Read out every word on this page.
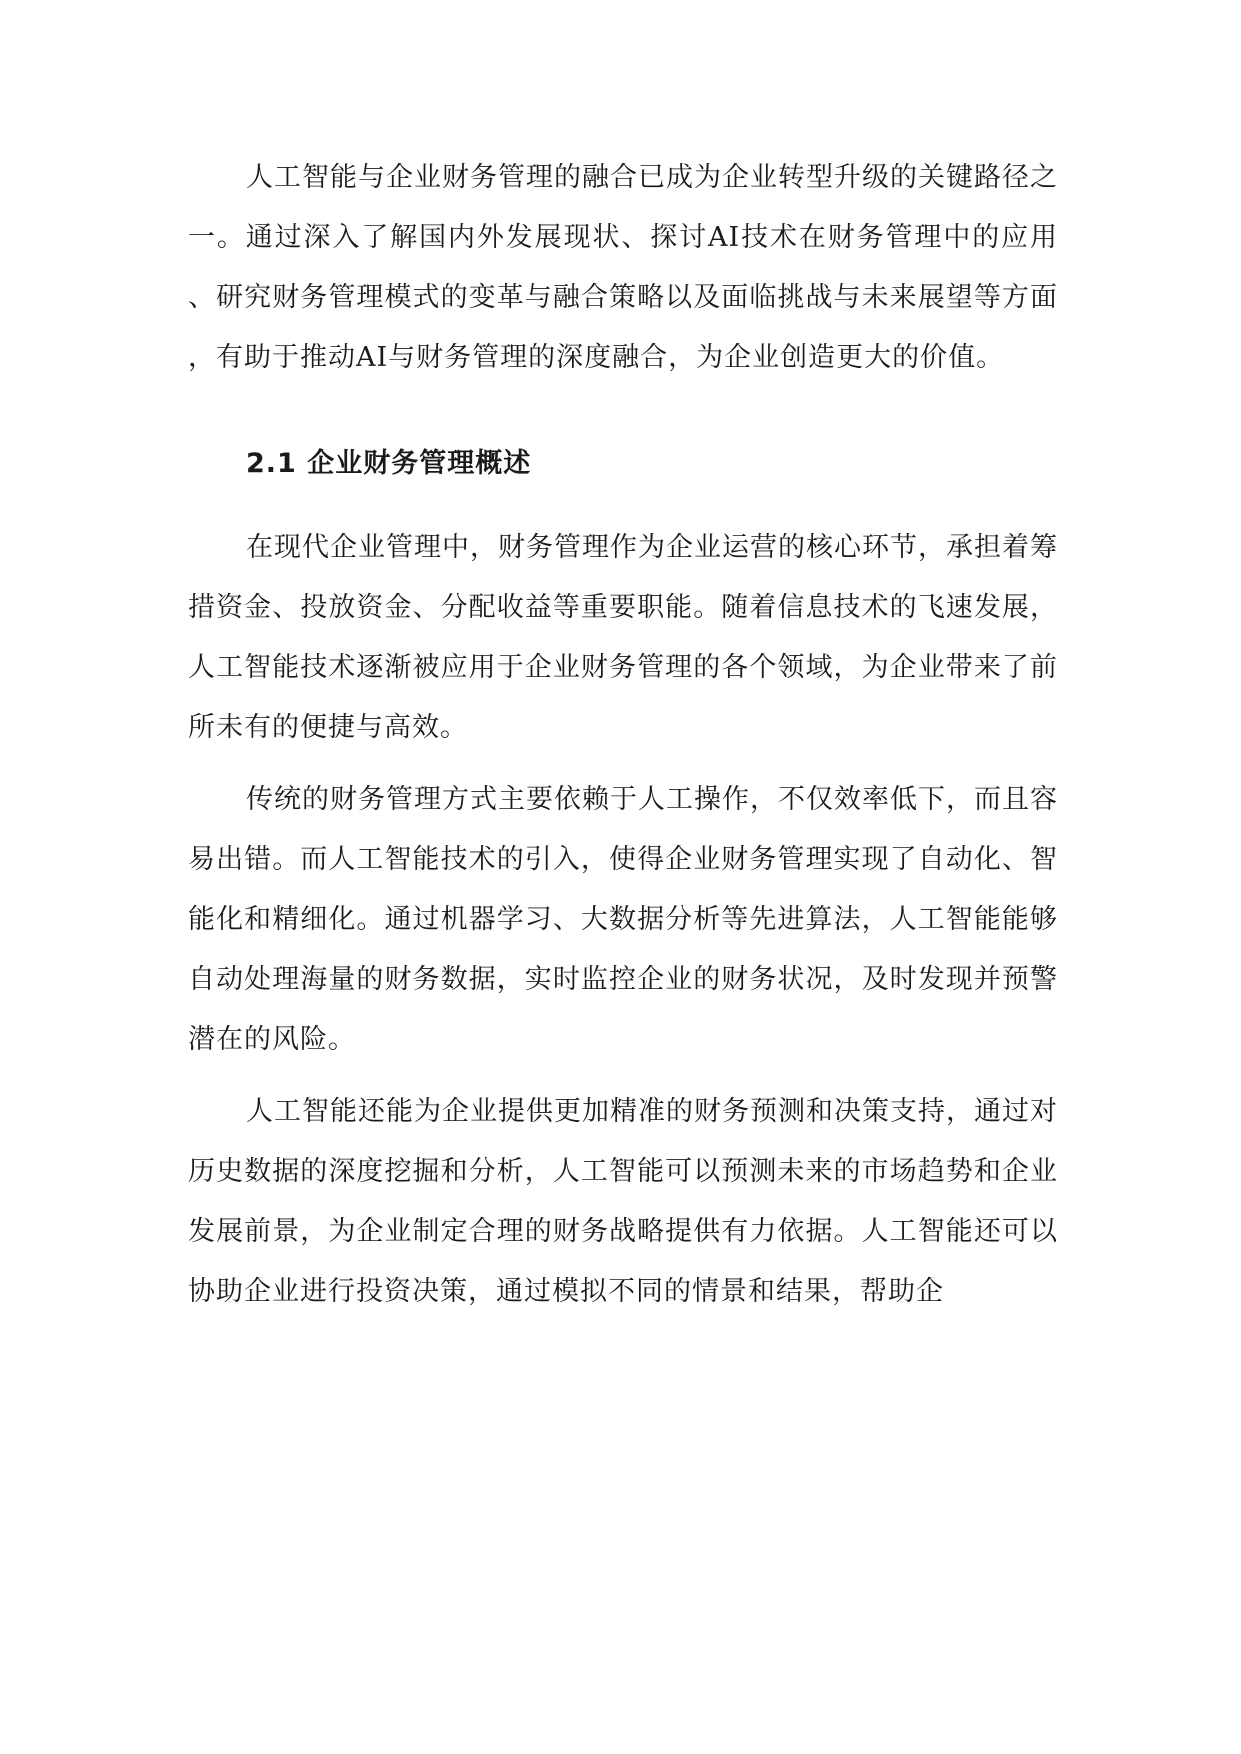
人工智能与企业财务管理的融合已成为企业转型升级的关键路径之一。通过深入了解国内外发展现状、探讨AI技术在财务管理中的应用、研究财务管理模式的变革与融合策略以及面临挑战与未来展望等方面，有助于推动AI与财务管理的深度融合，为企业创造更大的价值。

2.1 企业财务管理概述

在现代企业管理中，财务管理作为企业运营的核心环节，承担着筹措资金、投放资金、分配收益等重要职能。随着信息技术的飞速发展，人工智能技术逐渐被应用于企业财务管理的各个领域，为企业带来了前所未有的便捷与高效。

传统的财务管理方式主要依赖于人工操作，不仅效率低下，而且容易出错。而人工智能技术的引入，使得企业财务管理实现了自动化、智能化和精细化。通过机器学习、大数据分析等先进算法，人工智能能够自动处理海量的财务数据，实时监控企业的财务状况，及时发现并预警潜在的风险。

人工智能还能为企业提供更加精准的财务预测和决策支持，通过对历史数据的深度挖掘和分析，人工智能可以预测未来的市场趋势和企业发展前景，为企业制定合理的财务战略提供有力依据。人工智能还可以协助企业进行投资决策，通过模拟不同的情景和结果，帮助企
